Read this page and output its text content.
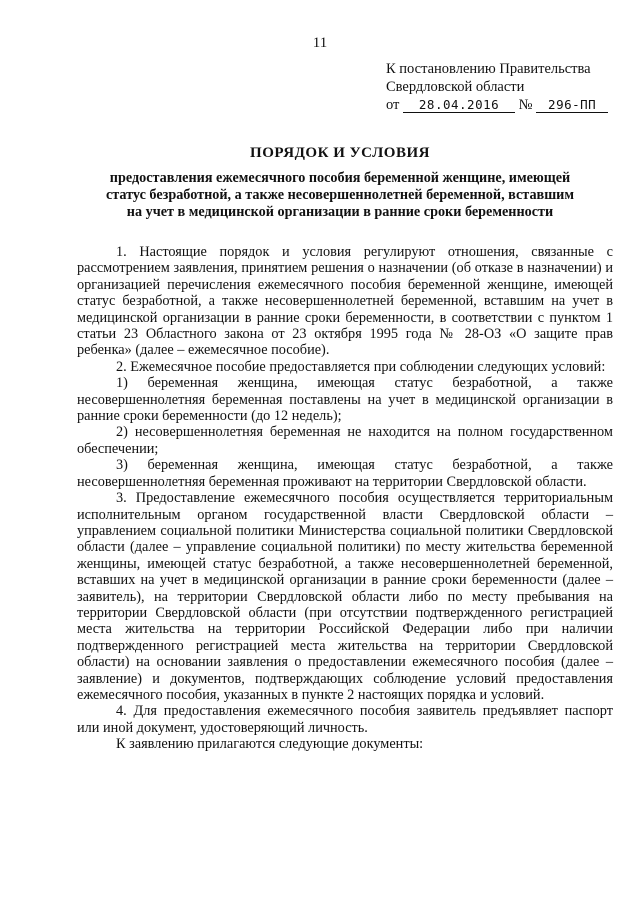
11
К постановлению Правительства
Свердловской области
от 28.04.2016 № 296-ПП
ПОРЯДОК И УСЛОВИЯ
предоставления ежемесячного пособия беременной женщине, имеющей
статус безработной, а также несовершеннолетней беременной, вставшим
на учет в медицинской организации в ранние сроки беременности

1. Настоящие порядок и условия регулируют отношения, связанные с рассмотрением заявления, принятием решения о назначении (об отказе в назначении) и организацией перечисления ежемесячного пособия беременной женщине, имеющей статус безработной, а также несовершеннолетней беременной, вставшим на учет в медицинской организации в ранние сроки беременности, в соответствии с пунктом 1 статьи 23 Областного закона от 23 октября 1995 года № 28-ОЗ «О защите прав ребенка» (далее – ежемесячное пособие).

2. Ежемесячное пособие предоставляется при соблюдении следующих условий:

1) беременная женщина, имеющая статус безработной, а также несовершеннолетняя беременная поставлены на учет в медицинской организации в ранние сроки беременности (до 12 недель);

2) несовершеннолетняя беременная не находится на полном государственном обеспечении;

3) беременная женщина, имеющая статус безработной, а также несовершеннолетняя беременная проживают на территории Свердловской области.

3. Предоставление ежемесячного пособия осуществляется территориальным исполнительным органом государственной власти Свердловской области – управлением социальной политики Министерства социальной политики Свердловской области (далее – управление социальной политики) по месту жительства беременной женщины, имеющей статус безработной, а также несовершеннолетней беременной, вставших на учет в медицинской организации в ранние сроки беременности (далее – заявитель), на территории Свердловской области либо по месту пребывания на территории Свердловской области (при отсутствии подтвержденного регистрацией места жительства на территории Российской Федерации либо при наличии подтвержденного регистрацией места жительства на территории Свердловской области) на основании заявления о предоставлении ежемесячного пособия (далее – заявление) и документов, подтверждающих соблюдение условий предоставления ежемесячного пособия, указанных в пункте 2 настоящих порядка и условий.

4. Для предоставления ежемесячного пособия заявитель предъявляет паспорт или иной документ, удостоверяющий личность.

К заявлению прилагаются следующие документы:
